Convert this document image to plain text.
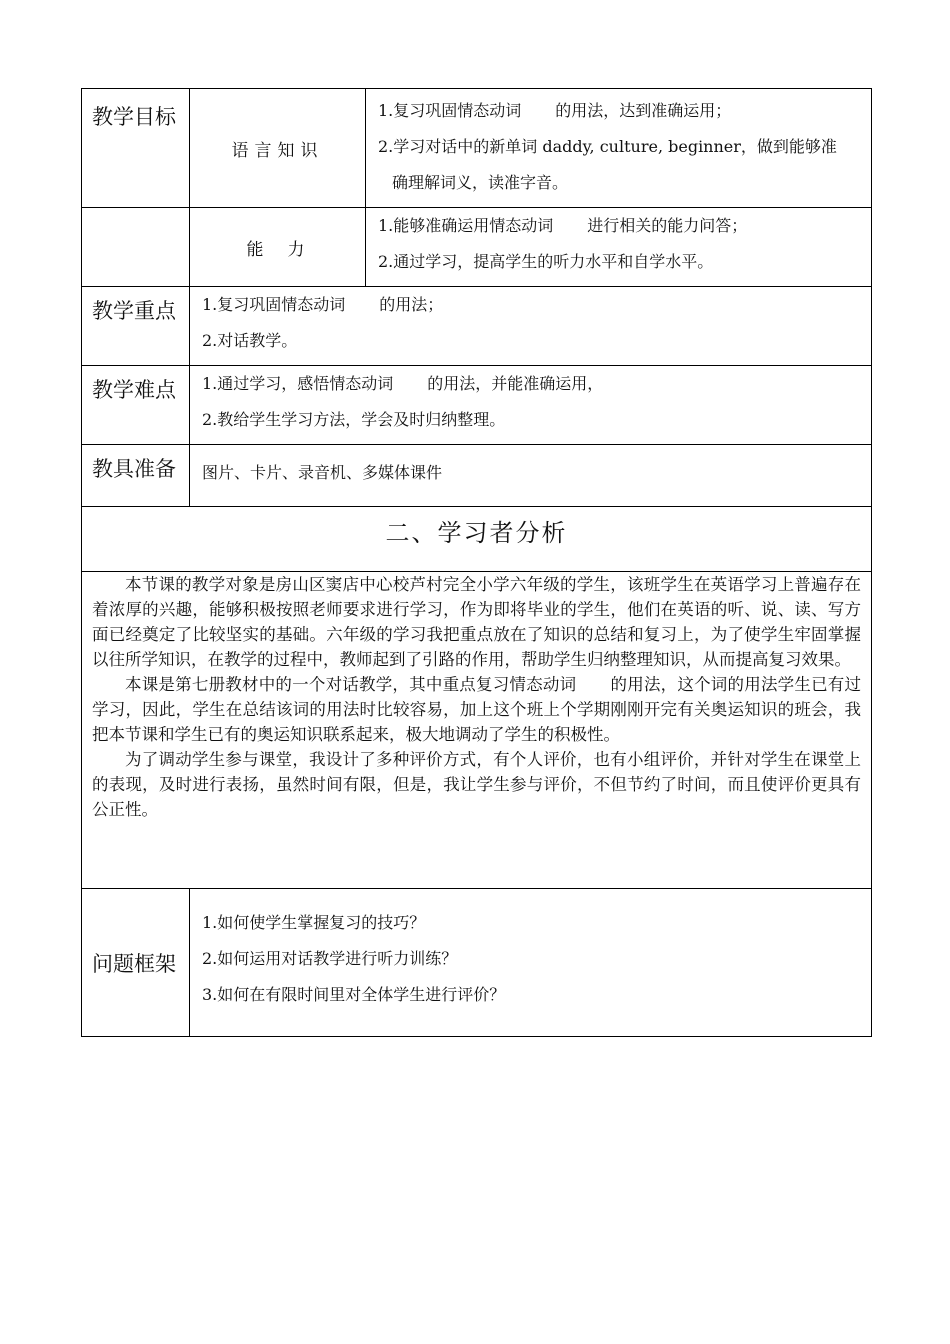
教学目标	语言知识	1.复习巩固情态动词 的用法，达到准确运用；
2.学习对话中的新单词 daddy, culture, beginner，做到能够准
确理解词义，读准字音。

	能力	1.能够准确运用情态动词 进行相关的能力问答；
2.通过学习，提高学生的听力水平和自学水平。

教学重点	1.复习巩固情态动词 的用法；
2.对话教学。	

教学难点	1.通过学习，感悟情态动词 的用法，并能准确运用，
2.教给学生学习方法，学会及时归纳整理。	

教具准备	图片、卡片、录音机、多媒体课件	

二、学习者分析		

本节课的教学对象是房山区窦店中心校芦村完全小学六年级的学生，该班学生在英语学习上普遍存在着浓厚的兴趣，能够积极按照老师要求进行学习，作为即将毕业的学生，他们在英语的听、说、读、写方面已经奠定了比较坚实的基础。六年级的学习我把重点放在了知识的总结和复习上，为了使学生牢固掌握以往所学知识，在教学的过程中，教师起到了引路的作用，帮助学生归纳整理知识，从而提高复习效果。

本课是第七册教材中的一个对话教学，其中重点复习情态动词 的用法，这个词的用法学生已有过学习，因此，学生在总结该词的用法时比较容易，加上这个班上个学期刚刚开完有关奥运知识的班会，我把本节课和学生已有的奥运知识联系起来，极大地调动了学生的积极性。

为了调动学生参与课堂，我设计了多种评价方式，有个人评价，也有小组评价，并针对学生在课堂上的表现，及时进行表扬，虽然时间有限，但是，我让学生参与评价，不但节约了时间，而且使评价更具有公正性。		

问题框架	1.如何使学生掌握复习的技巧？
2.如何运用对话教学进行听力训练？
3.如何在有限时间里对全体学生进行评价？	
